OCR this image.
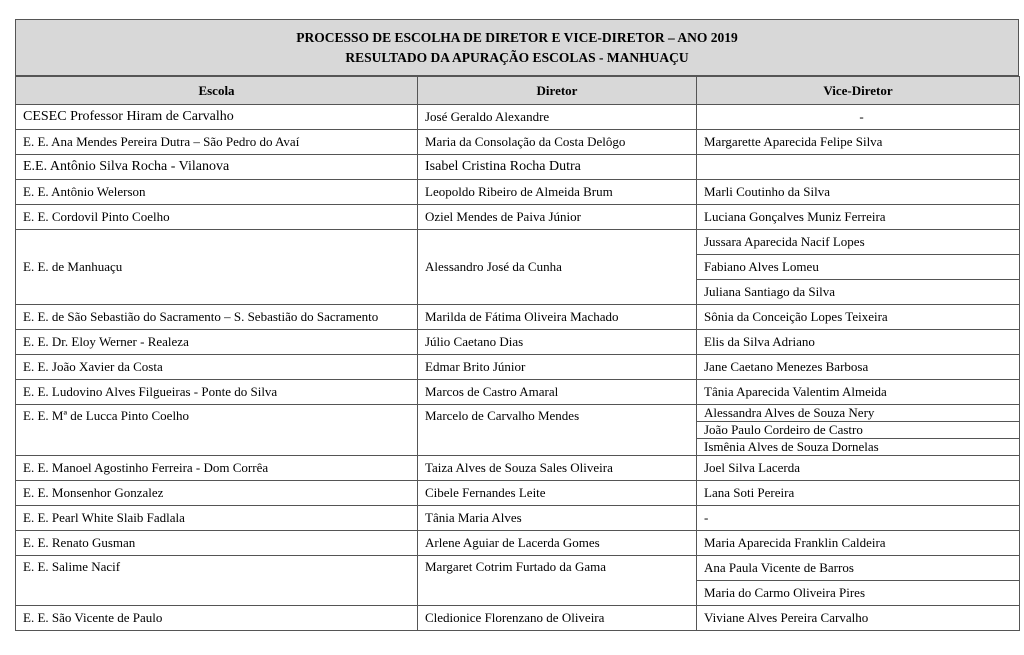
PROCESSO DE ESCOLHA DE DIRETOR E VICE-DIRETOR – ANO 2019
RESULTADO DA APURAÇÃO ESCOLAS - MANHUAÇU
Escola	Diretor	Vice-Diretor
CESEC Professor Hiram de Carvalho	José Geraldo Alexandre	-
E. E. Ana Mendes Pereira Dutra – São Pedro do Avaí	Maria da Consolação da Costa Delôgo	Margarette Aparecida Felipe Silva
E.E. Antônio Silva Rocha - Vilanova	Isabel Cristina Rocha Dutra	
E. E. Antônio Welerson	Leopoldo Ribeiro de Almeida Brum	Marli Coutinho da Silva
E. E. Cordovil Pinto Coelho	Oziel Mendes de Paiva Júnior	Luciana Gonçalves Muniz Ferreira
E. E. de Manhuaçu	Alessandro José da Cunha	Jussara Aparecida Nacif Lopes
Fabiano Alves Lomeu
Juliana Santiago da Silva

E. E. de São Sebastião do Sacramento – S. Sebastião do Sacramento	Marilda de Fátima Oliveira Machado	Sônia da Conceição Lopes Teixeira
E. E. Dr. Eloy Werner - Realeza	Júlio Caetano Dias	Elis da Silva Adriano
E. E. João Xavier da Costa	Edmar Brito Júnior	Jane Caetano Menezes Barbosa
E. E. Ludovino Alves Filgueiras - Ponte do Silva	Marcos de Castro Amaral	Tânia Aparecida Valentim Almeida
E. E. Mª de Lucca Pinto Coelho	Marcelo de Carvalho Mendes	Alessandra Alves de Souza Nery
João Paulo Cordeiro de Castro
Ismênia Alves de Souza Dornelas

E. E. Manoel Agostinho Ferreira - Dom Corrêa	Taiza Alves de Souza Sales Oliveira	Joel Silva Lacerda
E. E. Monsenhor Gonzalez	Cibele Fernandes Leite	Lana Soti Pereira
E. E. Pearl White Slaib Fadlala	Tânia Maria Alves	-
E. E. Renato Gusman	Arlene Aguiar de Lacerda Gomes	Maria Aparecida Franklin Caldeira
E. E. Salime Nacif	Margaret Cotrim Furtado da Gama	Ana Paula Vicente de Barros
Maria do Carmo Oliveira Pires

E. E. São Vicente de Paulo	Cledionice Florenzano de Oliveira	Viviane Alves Pereira Carvalho
